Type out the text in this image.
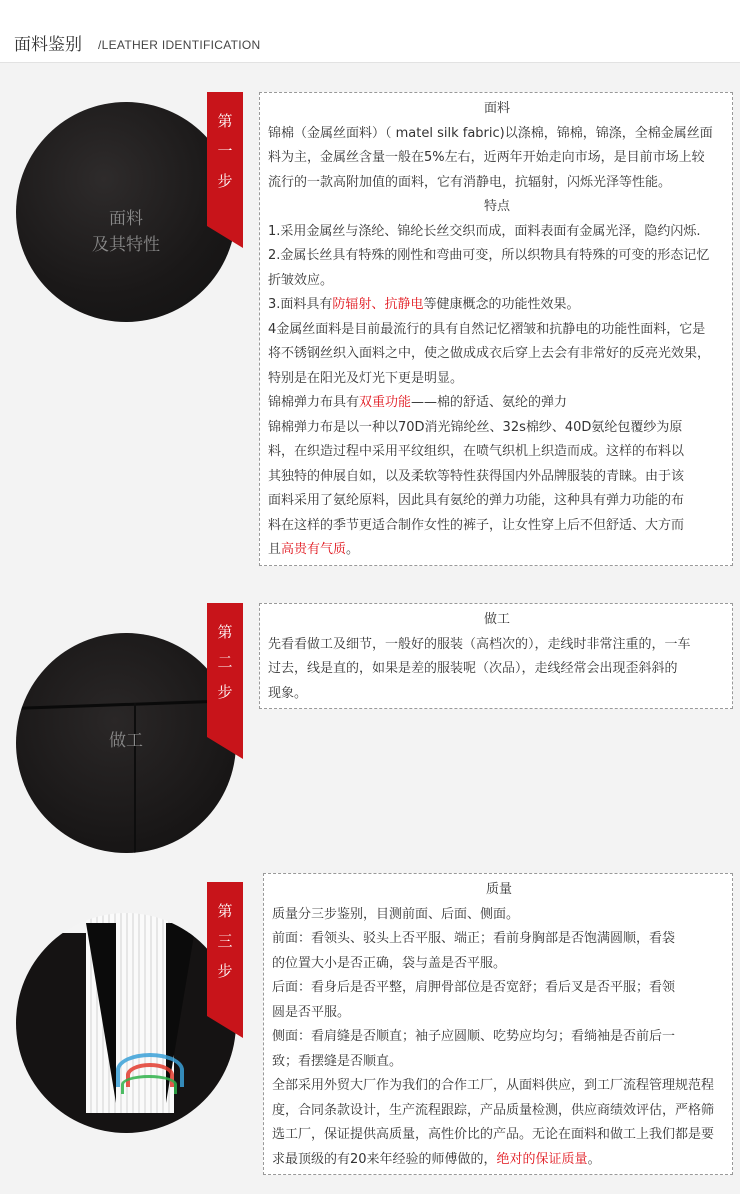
面料鉴别 /LEATHER IDENTIFICATION
面料
及其特性
第
一
步

面料

锦棉（金属丝面料）（ matel silk fabric)以涤棉，锦棉，锦涤，全棉金属丝面

料为主，金属丝含量一般在5%左右，近两年开始走向市场，是目前市场上较

流行的一款高附加值的面料，它有消静电，抗辐射，闪烁光泽等性能。

特点

1.采用金属丝与涤纶、锦纶长丝交织而成，面料表面有金属光泽，隐约闪烁.

2.金属长丝具有特殊的刚性和弯曲可变，所以织物具有特殊的可变的形态记忆

折皱效应。

3.面料具有防辐射、抗静电等健康概念的功能性效果。

4金属丝面料是目前最流行的具有自然记忆褶皱和抗静电的功能性面料，它是

将不锈钢丝织入面料之中，使之做成成衣后穿上去会有非常好的反亮光效果，

特别是在阳光及灯光下更是明显。

锦棉弹力布具有双重功能——棉的舒适、氨纶的弹力

锦棉弹力布是以一种以70D消光锦纶丝、32s棉纱、40D氨纶包覆纱为原

料，在织造过程中采用平纹组织，在喷气织机上织造而成。这样的布料以

其独特的伸展自如，以及柔软等特性获得国内外品牌服装的青睐。由于该

面料采用了氨纶原料，因此具有氨纶的弹力功能，这种具有弹力功能的布

料在这样的季节更适合制作女性的裤子，让女性穿上后不但舒适、大方而

且高贵有气质。

做工
第
二
步

做工

先看看做工及细节，一般好的服装（高档次的），走线时非常注重的，一车

过去，线是直的，如果是差的服装呢（次品），走线经常会出现歪斜斜的

现象。

第
三
步

质量

质量分三步鉴别，目测前面、后面、侧面。

前面：看领头、驳头上否平服、端正；看前身胸部是否饱满圆顺，看袋

的位置大小是否正确，袋与盖是否平服。

后面：看身后是否平整，肩胛骨部位是否宽舒；看后叉是否平服；看领

圆是否平服。

侧面：看肩缝是否顺直；袖子应圆顺、吃势应均匀；看绱袖是否前后一

致；看摆缝是否顺直。

全部采用外贸大厂作为我们的合作工厂，从面料供应，到工厂流程管理规范程

度，合同条款设计，生产流程跟踪，产品质量检测，供应商绩效评估，严格筛

选工厂，保证提供高质量，高性价比的产品。无论在面料和做工上我们都是要

求最顶级的有20来年经验的师傅做的，绝对的保证质量。
